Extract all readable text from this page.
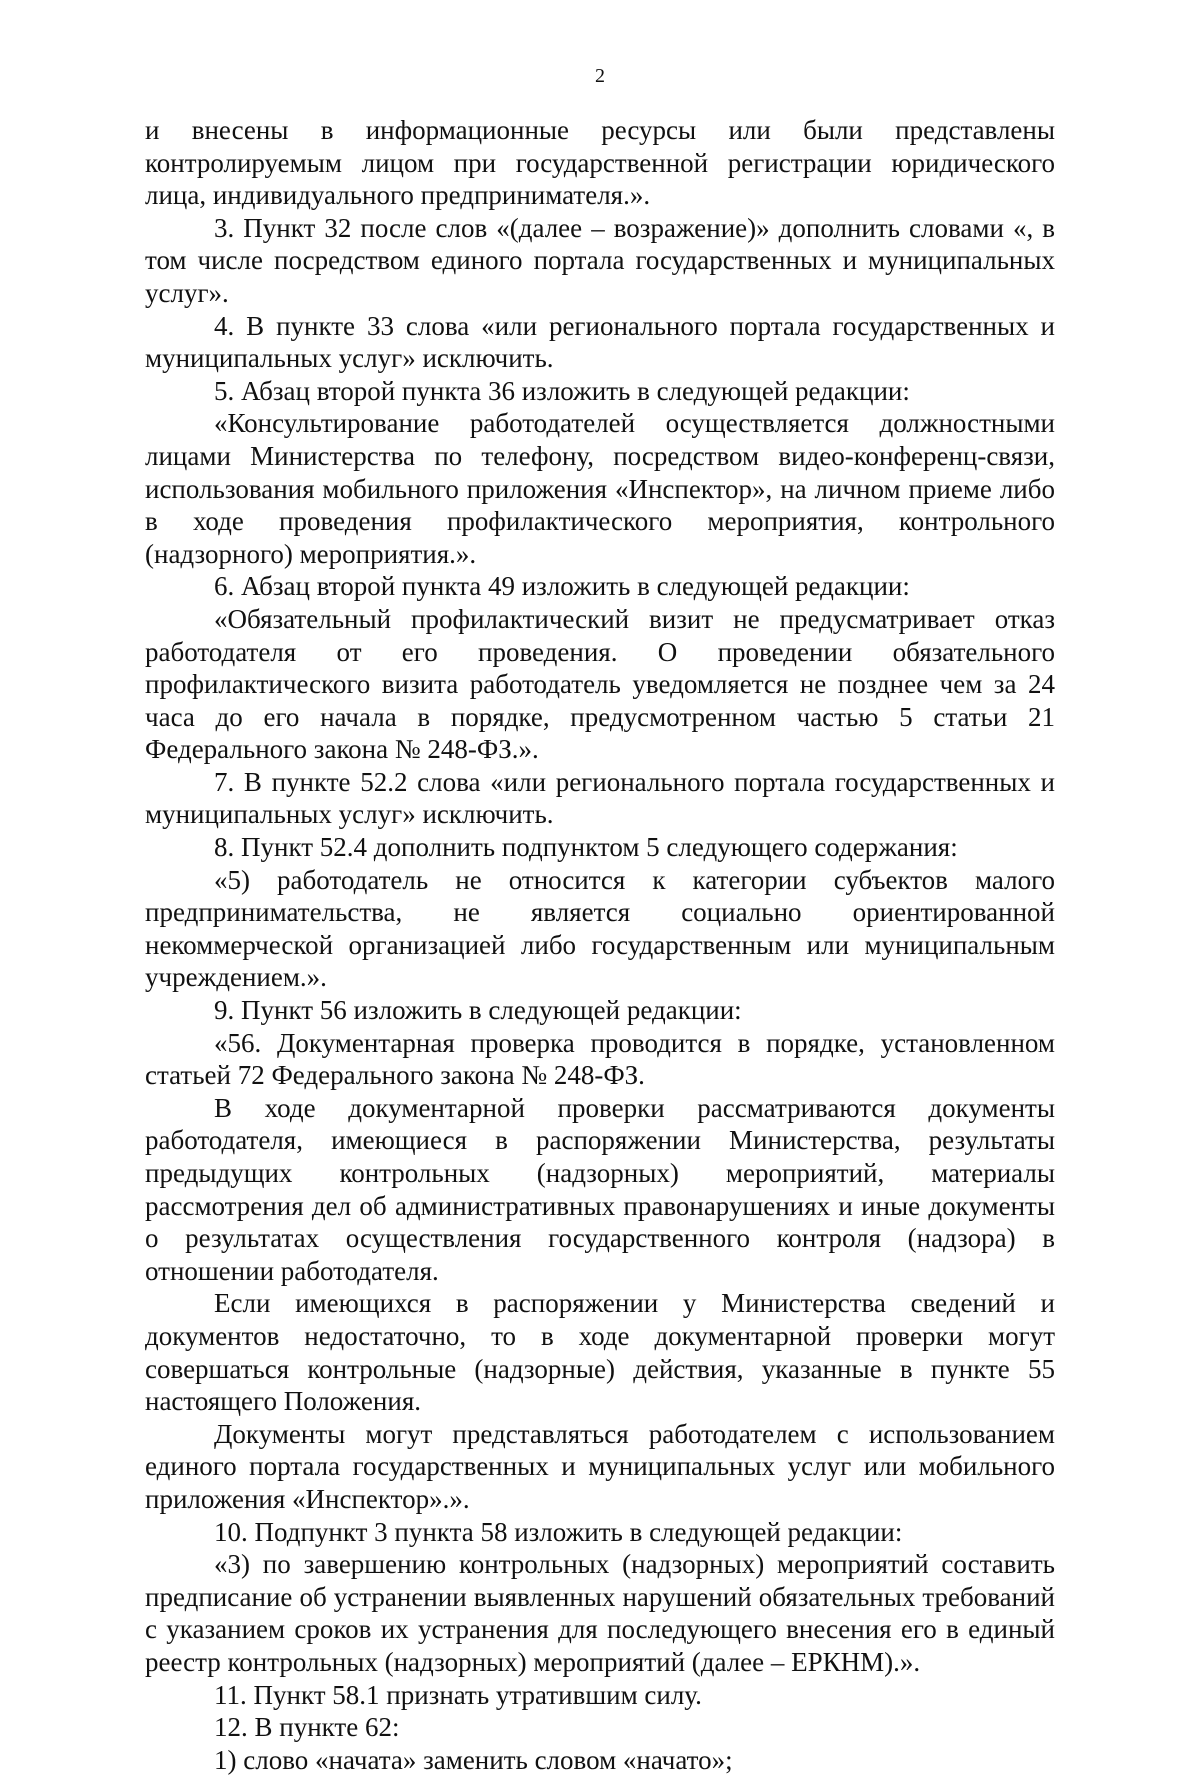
2

и внесены в информационные ресурсы или были представлены контролируемым лицом при государственной регистрации юридического лица, индивидуального предпринимателя.».

3. Пункт 32 после слов «(далее – возражение)» дополнить словами «, в том числе посредством единого портала государственных и муниципальных услуг».

4. В пункте 33 слова «или регионального портала государственных и муниципальных услуг» исключить.

5. Абзац второй пункта 36 изложить в следующей редакции:

«Консультирование работодателей осуществляется должностными лицами Министерства по телефону, посредством видео-конференц-связи, использования мобильного приложения «Инспектор», на личном приеме либо в ходе проведения профилактического мероприятия, контрольного (надзорного) мероприятия.».

6. Абзац второй пункта 49 изложить в следующей редакции:

«Обязательный профилактический визит не предусматривает отказ работодателя от его проведения. О проведении обязательного профилактического визита работодатель уведомляется не позднее чем за 24 часа до его начала в порядке, предусмотренном частью 5 статьи 21 Федерального закона № 248-ФЗ.».

7. В пункте 52.2 слова «или регионального портала государственных и муниципальных услуг» исключить.

8. Пункт 52.4 дополнить подпунктом 5 следующего содержания:

«5) работодатель не относится к категории субъектов малого предпринимательства, не является социально ориентированной некоммерческой организацией либо государственным или муниципальным учреждением.».

9. Пункт 56 изложить в следующей редакции:

«56. Документарная проверка проводится в порядке, установленном статьей 72 Федерального закона № 248-ФЗ.

В ходе документарной проверки рассматриваются документы работодателя, имеющиеся в распоряжении Министерства, результаты предыдущих контрольных (надзорных) мероприятий, материалы рассмотрения дел об административных правонарушениях и иные документы о результатах осуществления государственного контроля (надзора) в отношении работодателя.

Если имеющихся в распоряжении у Министерства сведений и документов недостаточно, то в ходе документарной проверки могут совершаться контрольные (надзорные) действия, указанные в пункте 55 настоящего Положения.

Документы могут представляться работодателем с использованием единого портала государственных и муниципальных услуг или мобильного приложения «Инспектор».».

10. Подпункт 3 пункта 58 изложить в следующей редакции:

«3) по завершению контрольных (надзорных) мероприятий составить предписание об устранении выявленных нарушений обязательных требований с указанием сроков их устранения для последующего внесения его в единый реестр контрольных (надзорных) мероприятий (далее – ЕРКНМ).».

11. Пункт 58.1 признать утратившим силу.

12. В пункте 62:

1) слово «начата» заменить словом «начато»;
